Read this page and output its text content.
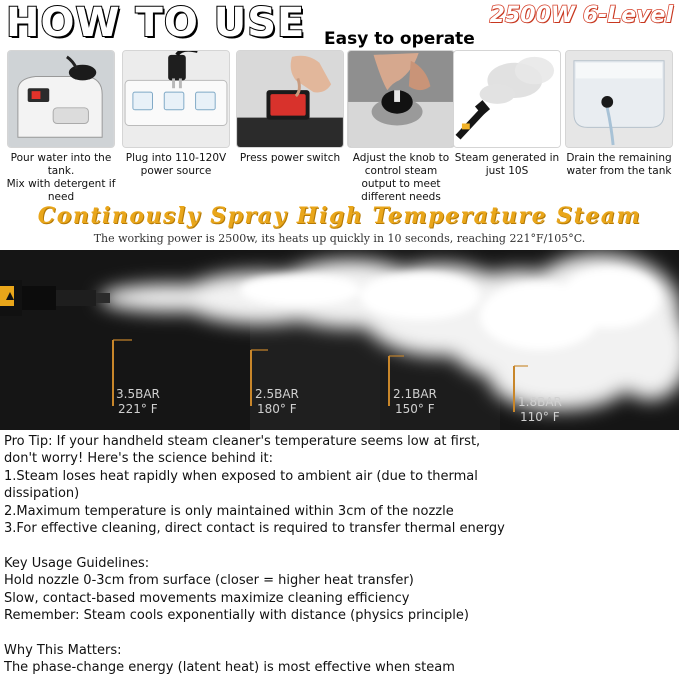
HOW TO USE Easy to operate
2500W 6-Level
Pour water into the tank.
Mix with detergent if need
Plug into 110-120V power source
Press power switch	Adjust the knob to control steam output to meet different needs
Steam generated in just 10S
Drain the remaining water from the tank
Continously Spray High Temperature Steam
The working power is 2500w, its heats up quickly in 10 seconds, reaching 221°F/105°C.
3.5BAR
221° F
2.5BAR
180° F
2.1BAR
150° F	1.8BAR
110° F

Pro Tip: If your handheld steam cleaner's temperature seems low at first,

don't worry! Here's the science behind it:

1.Steam loses heat rapidly when exposed to ambient air (due to thermal

dissipation)

2.Maximum temperature is only maintained within 3cm of the nozzle

3.For effective cleaning, direct contact is required to transfer thermal energy

Key Usage Guidelines:

Hold nozzle 0-3cm from surface (closer = higher heat transfer)

Slow, contact-based movements maximize cleaning efficiency

Remember: Steam cools exponentially with distance (physics principle)

Why This Matters:

The phase-change energy (latent heat) is most effective when steam
